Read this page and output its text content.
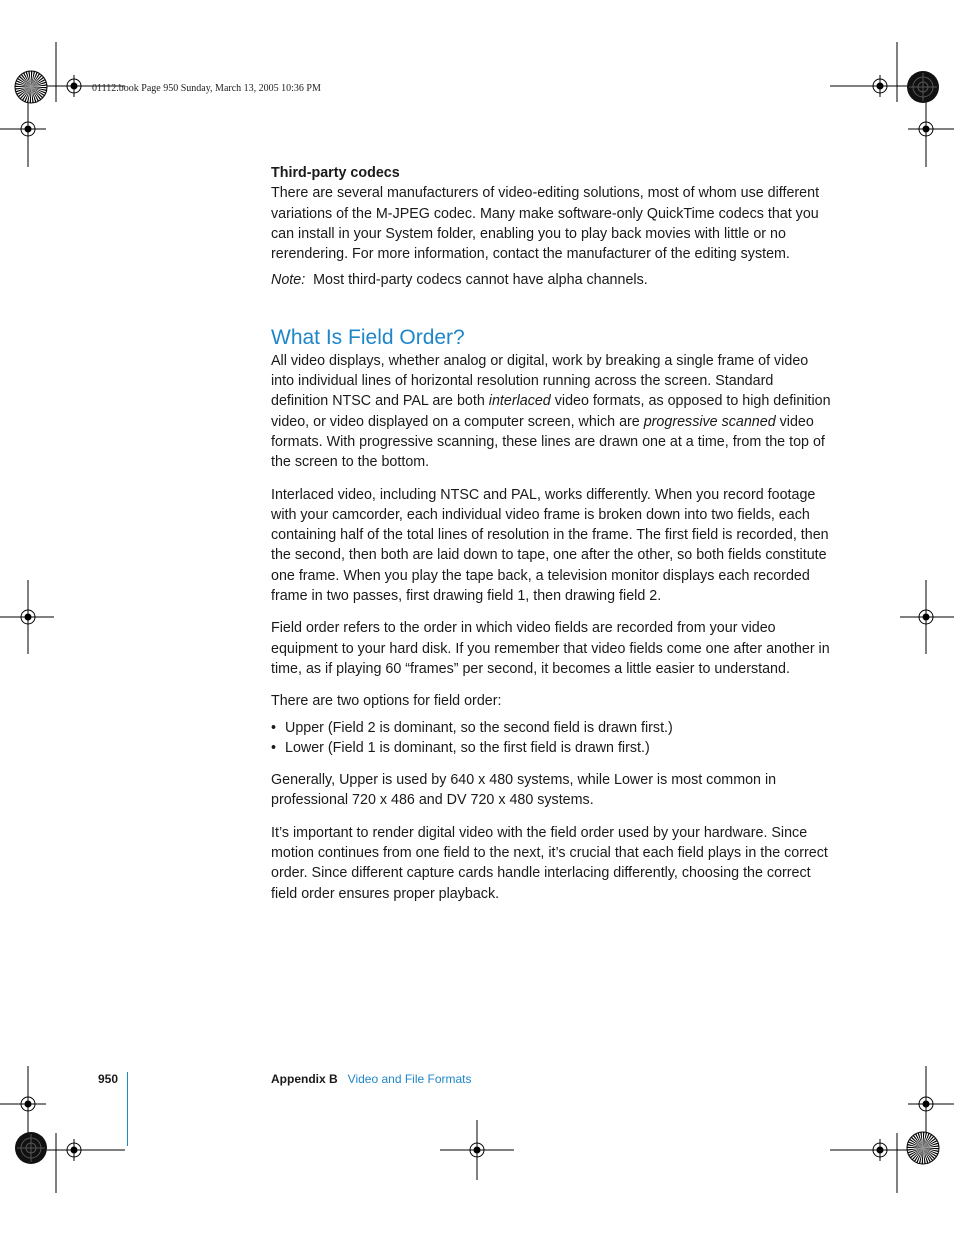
01112.book Page 950 Sunday, March 13, 2005 10:36 PM

Third-party codecs

There are several manufacturers of video-editing solutions, most of whom use different variations of the M-JPEG codec. Many make software-only QuickTime codecs that you can install in your System folder, enabling you to play back movies with little or no rerendering. For more information, contact the manufacturer of the editing system.

Note: Most third-party codecs cannot have alpha channels.

What Is Field Order?

All video displays, whether analog or digital, work by breaking a single frame of video into individual lines of horizontal resolution running across the screen. Standard definition NTSC and PAL are both interlaced video formats, as opposed to high definition video, or video displayed on a computer screen, which are progressive scanned video formats. With progressive scanning, these lines are drawn one at a time, from the top of the screen to the bottom.

Interlaced video, including NTSC and PAL, works differently. When you record footage with your camcorder, each individual video frame is broken down into two fields, each containing half of the total lines of resolution in the frame. The first field is recorded, then the second, then both are laid down to tape, one after the other, so both fields constitute one frame. When you play the tape back, a television monitor displays each recorded frame in two passes, first drawing field 1, then drawing field 2.

Field order refers to the order in which video fields are recorded from your video equipment to your hard disk. If you remember that video fields come one after another in time, as if playing 60 “frames” per second, it becomes a little easier to understand.

There are two options for field order:

• Upper (Field 2 is dominant, so the second field is drawn first.)
• Lower (Field 1 is dominant, so the first field is drawn first.)

Generally, Upper is used by 640 x 480 systems, while Lower is most common in professional 720 x 486 and DV 720 x 480 systems.

It’s important to render digital video with the field order used by your hardware. Since motion continues from one field to the next, it’s crucial that each field plays in the correct order. Since different capture cards handle interlacing differently, choosing the correct field order ensures proper playback.

950	Appendix B Video and File Formats
